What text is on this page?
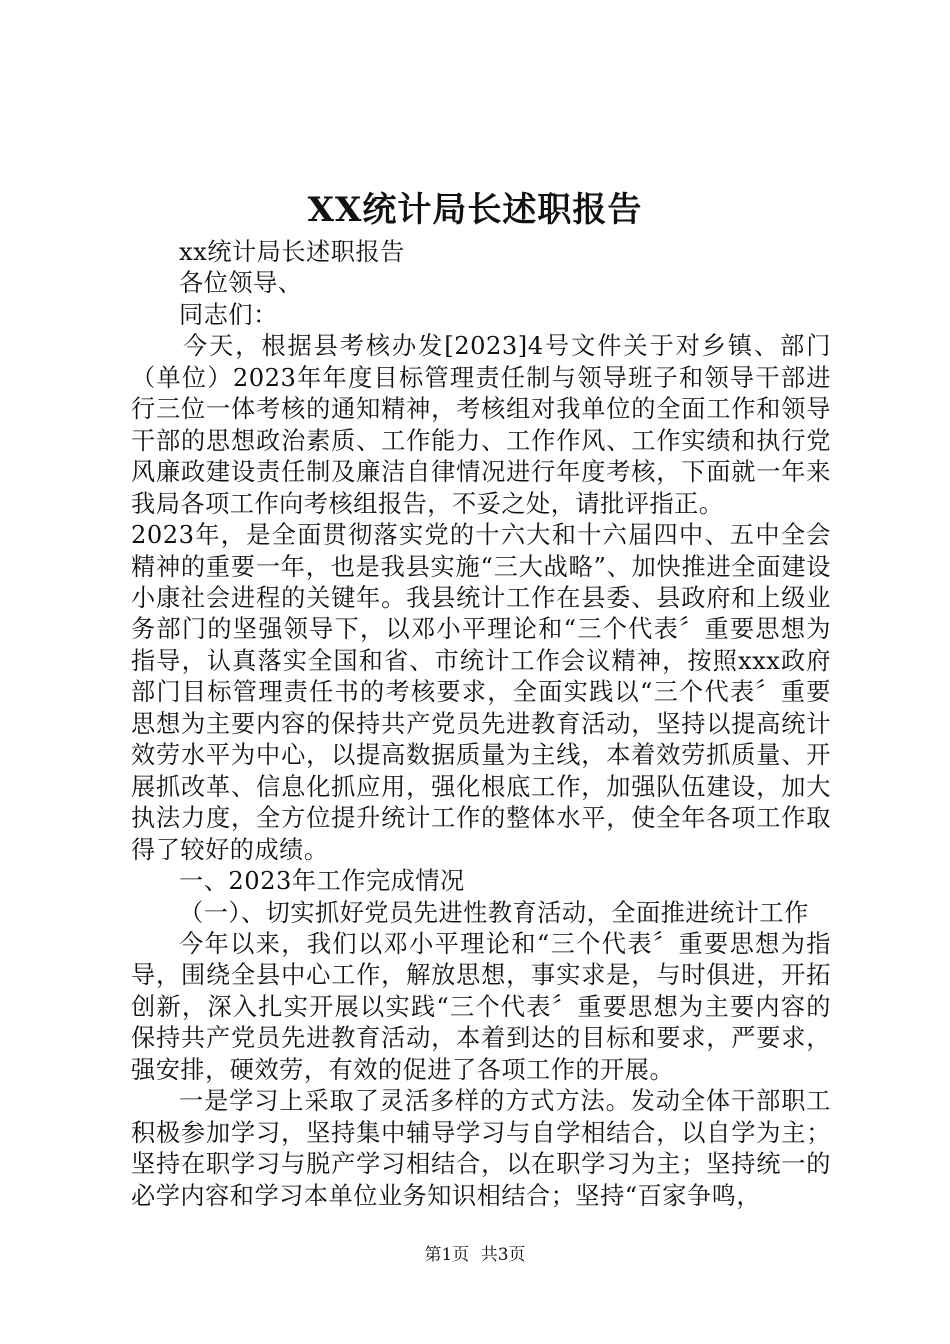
XX统计局长述职报告

xx统计局长述职报告

各位领导、

同志们：

今天，根据县考核办发[2023]4号文件关于对乡镇、部门（单位）2023年年度目标管理责任制与领导班子和领导干部进行三位一体考核的通知精神，考核组对我单位的全面工作和领导干部的思想政治素质、工作能力、工作作风、工作实绩和执行党风廉政建设责任制及廉洁自律情况进行年度考核，下面就一年来我局各项工作向考核组报告，不妥之处，请批评指正。

2023年，是全面贯彻落实党的十六大和十六届四中、五中全会精神的重要一年，也是我县实施“三大战略”、加快推进全面建设小康社会进程的关键年。我县统计工作在县委、县政府和上级业务部门的坚强领导下，以邓小平理论和“三个代表〞重要思想为指导，认真落实全国和省、市统计工作会议精神，按照xxx政府部门目标管理责任书的考核要求，全面实践以“三个代表〞重要思想为主要内容的保持共产党员先进教育活动，坚持以提高统计效劳水平为中心，以提高数据质量为主线，本着效劳抓质量、开展抓改革、信息化抓应用，强化根底工作，加强队伍建设，加大执法力度，全方位提升统计工作的整体水平，使全年各项工作取得了较好的成绩。

一、2023年工作完成情况

（一）、切实抓好党员先进性教育活动，全面推进统计工作

今年以来，我们以邓小平理论和“三个代表〞重要思想为指导，围绕全县中心工作，解放思想，事实求是，与时俱进，开拓创新，深入扎实开展以实践“三个代表〞重要思想为主要内容的保持共产党员先进教育活动，本着到达的目标和要求，严要求，强安排，硬效劳，有效的促进了各项工作的开展。

一是学习上采取了灵活多样的方式方法。发动全体干部职工积极参加学习，坚持集中辅导学习与自学相结合，以自学为主；坚持在职学习与脱产学习相结合，以在职学习为主；坚持统一的必学内容和学习本单位业务知识相结合；坚持“百家争鸣，

第1页 共3页
